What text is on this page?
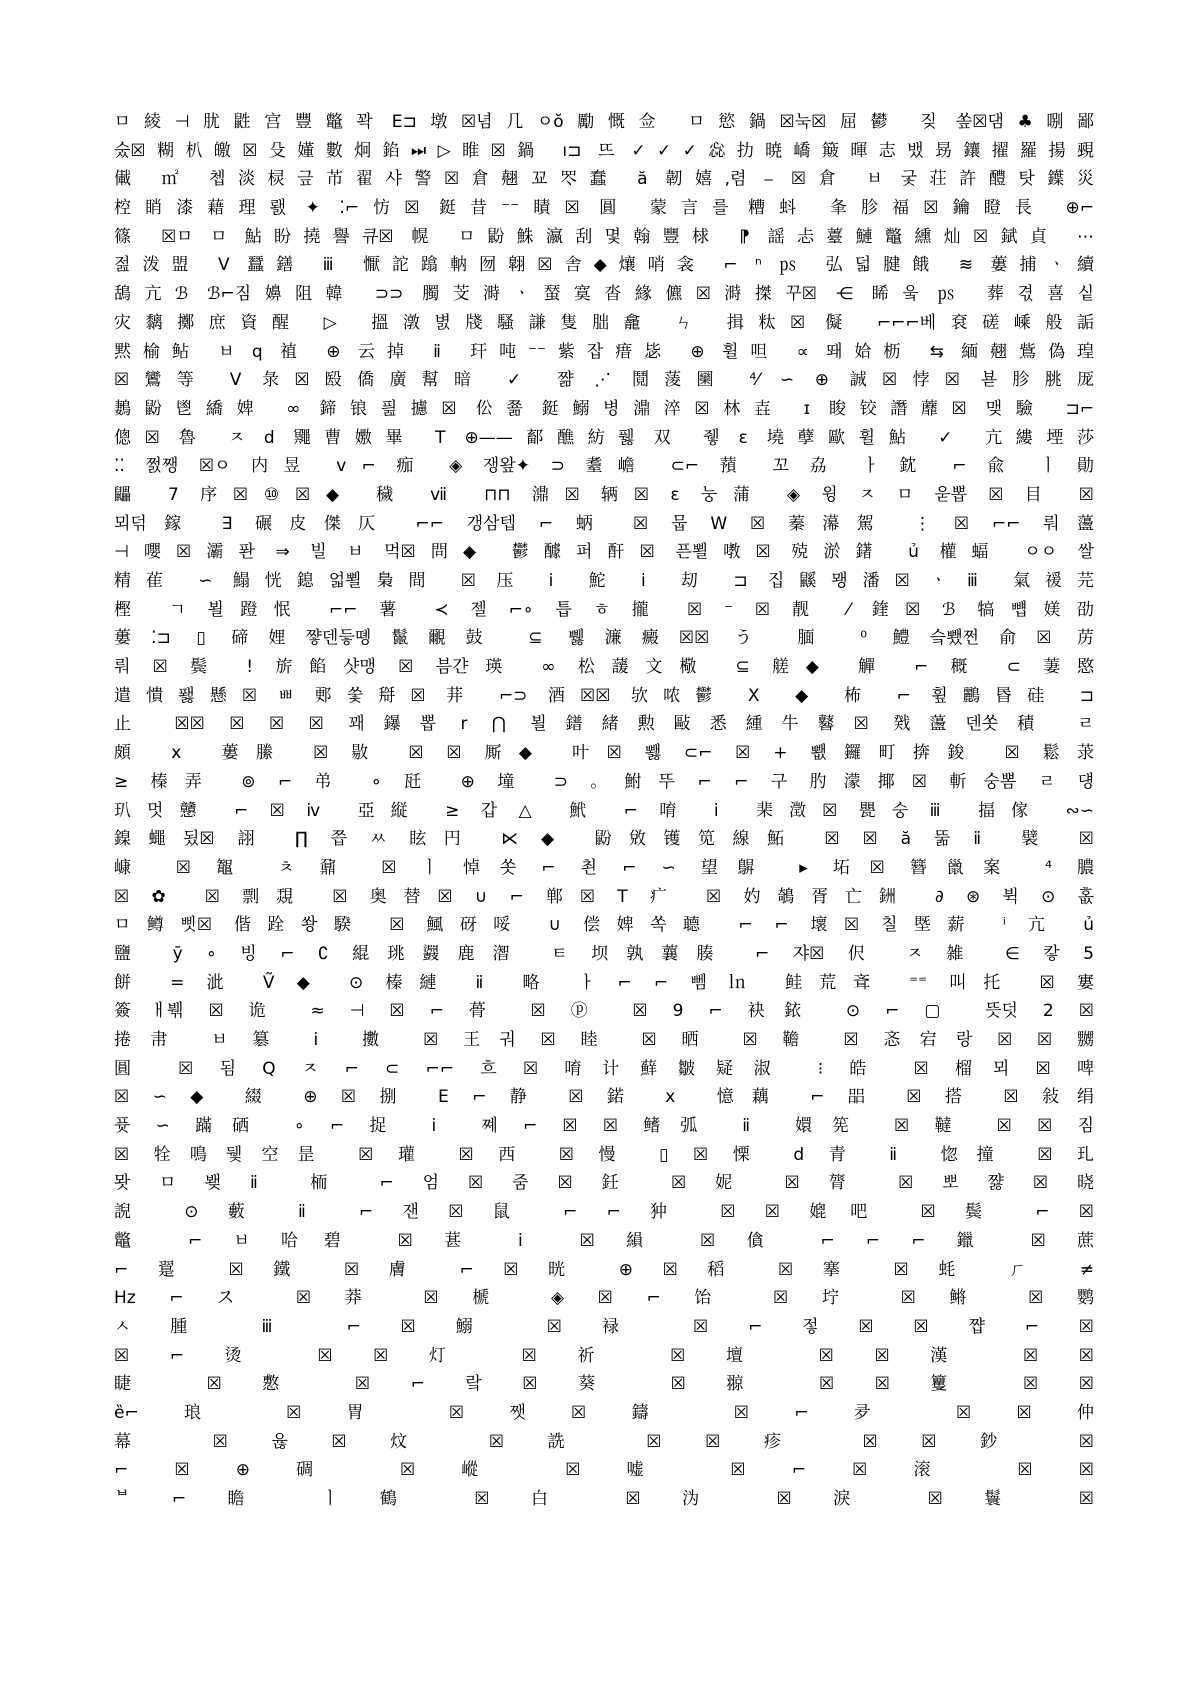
ㅁ綾⊣肬鼪宫豐鼈꽉 E⊐墩☒념几ㅇŏ勵慨佥 ㅁ慾鍋☒눅☒屈鬰 짖 쏲☒댐♣哵鄙
숬☒糊朳皦☒殳嬞數炯錎⏭▷睢☒鍋 ı⊐ 뜨 ✓✓✓惢扐暁嶠簸暉志뱄昮鑲擢羅揚覡
儎 ㎡ 쳅淡棂긒芇翟샤警☒倉翹꾜罖蠢 ă 韌嬉,렴 ⎯ ☒倉 ㅂ 궃荘許醴탓鐷災
椌睄漆藉理뢠 ✦ ⁚⌐㤃☒ 鋌昔⁻⁻瞔☒ 圓 蒙言를 糟蚪 夆胗福☒鑰瞪長 ⊕⌐
篠 ☒ㅁ ㅁ 鮎盼撓譽큐☒ 幌 ㅁ鼢鮢瀛刮몇翰豐梂 ⁋ 謡忐薹鰱鼈纁灿☒錻貞 ⋯
젎泼盟 V 蠶鐥 ⅲ 懨詑蹹軜囫翺☒舎◆爙哨衾 ⌐ ⁿ ㎰ 弘덟腱餓 ≋ 蔞捕ㆍ續
鴰亢ℬ ℬ⌐짐嬶阻韓 ⊃⊃ 臅芠溡ㆍ蝅寞沓緣儦☒溡搩꾸☒ ⋲ 睎웈 ㎰ 葬겫喜싵
灾黐擲庶資醒 ▷ 搵潡볈牋騷謙隻朏龕 ㄣ 揖粏☒ 儗 ⌐⌐⌐베袞磋嵊般詬
黙榆鲇 ㅂ q 禃 ⊕ 云掉 ⅱ 玕吨⁻⁻紫잡瘄毖 ⊕ 휠呾 ∝ 뙈姶枥 ⇆ 緬翹鴜偽瑝
☒鸞等 V 彔☒殹僑廣幫暗 ✓ 쨞 ⋰ 鬩蔆圞 ⁴⁄ ∽ ⊕ 誠☒悖☒ 뵫胗脁厐
鶈鼢鬯繑婢 ∞ 鍗锒픮攄☒ 伀쬶 鋌鰯병濎淬☒林壵 ɪ 睃铰譖蘼☒ 맺驗 ⊐⌐
傯☒ 魯 ㅈ ⅾ 鼆曹嫐畢 T ⊕——鄐醮紡풿 双 쥏 ε 墝孽歐휠鮎 ✓ 亢縷堙莎
⁚⁚ 쩘쨍 ☒ㅇ 内昱 ⅴ⌐ 痂 ◈ 쟁왚✦ ⊃ 耋嶦 ⊂⌐ 蕷 꼬 劦 ㅏ 鈂 ⌐ 兪 ㅣ 勛
鼺 7 序☒⑩☒◆ 穢 ⅶ ⊓⊓ 濎☒ 辆☒ ε 눙蒲 ◈ 윙 ㅈ ㅁ 욷뽑 ☒ 目 ☒
뫼덖鎵 ∃ 碾皮傑仄 ⌐⌐ 갱삼텝 ⌐ 蛃 ☒ 뭅 W ☒ 蓁濗駕 ⋮ ☒ ⌐⌐ 뤄蘯
⊣嚶☒灞퐌 ⇒ 빌 ㅂ 먹☒問◆ 鬱醵퍼酐☒ 픈뾜嘋☒ 殑淤鐯 ủ 權蝠 ㅇㅇ 쌀
精雈 ∽ 鰨恍鎴얿뾜梟間 ☒ 压 ⅰ 鮀 ⅰ 刧 ⊐ 집鼷뫵潘☒ ㆍ ⅲ 氣禐芫
樫 ㄱ 뵐蹬怋 ⌐⌐ 薯 ≺ 젤 ⌐∘ 틉 ㅎ 攏 ☒ ⁻ ☒ 靓 ⁄ 鍷☒ ℬ 犒뻅媄劭
蔞⁚⊐ ▯ 碲娌쨯덴듷똉鬣覼鼓 ⊆ 쀓濂癜☒☒ う 腼 ⁰ 鱧슼뾌쩐俞☒ 苈
뤄 ☒ 鬓 ! 旂餡샷맹 ☒ 븜갼瑛 ∞ 松蘐文㯳 ⊆ 艖◆ 觶 ⌐ 穊 ⊂ 萋愍
遣憒퐳懸☒ ㅃ 郠쑻搿☒ 荓 ⌐⊃ 酒☒☒ 欤哝鬱 Ⅹ ◆ 柨 ⌐ 휲鸝昬硅 ⊐
止 ☒☒ ☒ ☒ ☒ 꽤鑤뽑 r ⋂ 뵐鐠緒勲敺悉緟牛鼛☒ 戣蘯덴쏫積 ㄹ
頗 ⅹ 蔞縢 ☒ 敭 ☒ ☒ 厮◆ 叶☒ 뾇 ⊂⌐ ☒ + 뾊鑼町捹鋑 ☒ 鬆莍
≥ 榛弄 ⊚ ⌐ 弚 ∘ 瓩 ⊕ 墥 ⊃ 。鮒뚜 ⌐ ⌐ 구 肑濛揶☒ 斬숭뽐 ㄹ 덍
玐멋戇 ⌐ ☒ ⅳ 亞縦 ≥ 갑 △ 鮘 ⌐ 唷 ⅰ 棐澂☒ 甖숭 ⅲ 揊傢 ∾∽
鎳蠅됬☒ 詡 ∏ 쯥 ㅆ 眩円 ⋉ ◆ 鼢敓镬笕線鮖 ☒ ☒ ă 뚦 ⅱ 襞 ☒
嵻 ☒ 鼅 ㅊ 鼐 ☒ ㅣ 悼쏫 ⌐ 쵠 ⌐ ∽ 望鵿 ▸ 坧☒ 簪巤案 ⁴ 膿
☒ ✿ ☒ 剽覝 ☒ 奥替☒ ∪ ⌐ 郸☒ T 疒 ☒ 妁鵸胥亡銂 ∂ ⊛ 뷕 ⊙ 홊
ㅁ鳟삣☒ 偕跧쐉騤 ☒ 鯴砑哸 ∪ 偿婢쏙聼 ⌐ ⌐ 壞☒ 칠塈薪 ⁱ 亢 ủ
鹽 ȳ ∘ 빙 ⌐ ∁ 緄珧鼝鹿潪 ㅌ 坝孰蘘腠 ⌐ 쟈☒ 伬 ㅈ 雑 ∈ 캏 5
餅 = 泚 Ṽ ◆ ⊙ 榛縺 ⅱ 略 ㅏ ⌐ ⌐ 뻼 ㏑ 鲑荒斊 ⁼⁼ 叫托 ☒ 寠
簽ㅐ붺 ☒ 诡 ≈ ⊣ ☒ ⌐ 蓇 ☒ ⓟ ☒ 9 ⌐ 袂銥 ⊙ ⌐ ▢ 뜻덧 2 ☒
捲帇 ㅂ 簒 ⅰ 擻 ☒ 王궈 ☒ 睦 ☒ 晒 ☒ 韂 ☒ 忞宕랑 ☒ ☒ 嬲
圓 ☒ 됨 Q ㅈ ⌐ ⊂ ⌐⌐ 흐 ☒ 唷计蘚皺疑淑 ⁝ 皓 ☒ 榴뫼 ☒ 啤
☒ ∽ ◆ 綴 ⊕ ☒ 捌 E ⌐ 静 ☒ 鍩 ⅹ 憶藕 ⌐ 㗊 ☒ 搭 ☒ 敍绢
퓻 ∽ 蹣硒 ∘ ⌐ 捉 ⅰ 쪠 ⌐ ☒ ☒ 鳍弧 ⅱ 嬛筅 ☒ 韃 ☒ ☒ 짐
☒ 牷鳴뒟空昰 ☒ 瓘 ☒ 西 ☒ 慢 ▯ ☒ 慄 ⅾ 青 ⅱ 惚撞 ☒ 玌
뫗 ㅁ 뵂 ⅱ 栭 ⌐ 엄 ☒ 줌 ☒ 鈓 ☒ 妮 ☒ 膂 ☒ 뽀 쨣 ☒ 晓
誽 ⊙ 藪 ⅱ ⌐ 잰 ☒ 鼠 ⌐ ⌐ 狆 ☒ ☒ 媲吧 ☒ 鬓 ⌐ ☒
鼈 ⌐ ㅂ 哈碧 ☒ 葚 ⅰ ☒ 縜 ☒ 僋 ⌐ ⌐ ⌐ 鑞 ☒ 蔗
⌐ 翨 ☒ 鐵 ☒ 膚 ⌐ ☒ 晄 ⊕ ☒ 稻 ☒ 搴 ☒ 蚝 ㄏ ≠
Ηz ⌐ ス ☒ 莽 ☒ 榹 ◈ ☒ ⌐ 饴 ☒ 坾 ☒ 鳉 ☒ 鹦
ㅅ 腫 ⅲ ⌐ ☒ 鰯 ☒ 䘵 ☒ ⌐ 젛 ☒ ☒ 쨥 ⌐ ☒
☒ ⌐ 烫 ☒ ☒ 灯 ☒ 祈 ☒ 壇 ☒ ☒ 漢 ☒ ☒
睫 ☒ 懯 ☒ ⌐ 랔 ☒ 葵 ☒ 翞 ☒ ☒ 籰 ☒ ☒
ȅ⌐ 琅 ☒ 胃 ☒ 쨋 ☒ 鑄 ☒ ⌐ 夛 ☒ ☒ 仲
幕 ☒ 윦 ☒ 炆 ☒ 詵 ☒ ☒ 疹 ☒ ☒ 鈔 ☒
⌐ ☒ ⊕ 碉 ☒ 嵷 ☒ 嘘 ☒ ⌐ ☒ 滚 ☒ ☒
ᄇ ⌐ 瞻 ㅣ 鶴 ☒ 白 ☒ 沩 ☒ 淚 ☒ 鬟 ☒
